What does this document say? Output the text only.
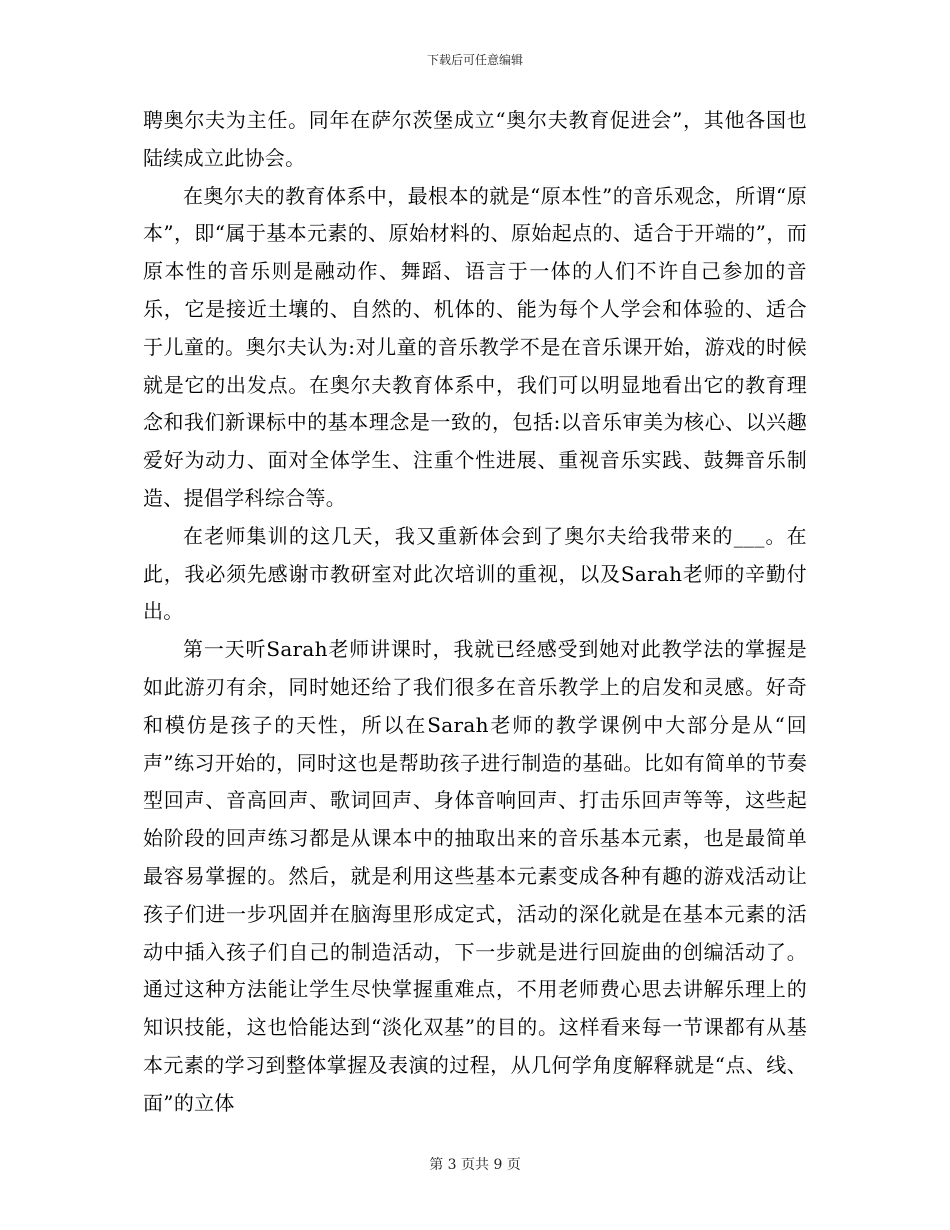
下载后可任意编辑

聘奥尔夫为主任。同年在萨尔茨堡成立“奥尔夫教育促进会”，其他各国也陆续成立此协会。

在奥尔夫的教育体系中，最根本的就是“原本性”的音乐观念，所谓“原本”，即“属于基本元素的、原始材料的、原始起点的、适合于开端的”，而原本性的音乐则是融动作、舞蹈、语言于一体的人们不许自己参加的音乐，它是接近土壤的、自然的、机体的、能为每个人学会和体验的、适合于儿童的。奥尔夫认为:对儿童的音乐教学不是在音乐课开始，游戏的时候就是它的出发点。在奥尔夫教育体系中，我们可以明显地看出它的教育理念和我们新课标中的基本理念是一致的，包括:以音乐审美为核心、以兴趣爱好为动力、面对全体学生、注重个性进展、重视音乐实践、鼓舞音乐制造、提倡学科综合等。

在老师集训的这几天，我又重新体会到了奥尔夫给我带来的___。在此，我必须先感谢市教研室对此次培训的重视，以及Sarah老师的辛勤付出。

第一天听Sarah老师讲课时，我就已经感受到她对此教学法的掌握是如此游刃有余，同时她还给了我们很多在音乐教学上的启发和灵感。好奇和模仿是孩子的天性，所以在Sarah老师的教学课例中大部分是从“回声”练习开始的，同时这也是帮助孩子进行制造的基础。比如有简单的节奏型回声、音高回声、歌词回声、身体音响回声、打击乐回声等等，这些起始阶段的回声练习都是从课本中的抽取出来的音乐基本元素，也是最简单最容易掌握的。然后，就是利用这些基本元素变成各种有趣的游戏活动让孩子们进一步巩固并在脑海里形成定式，活动的深化就是在基本元素的活动中插入孩子们自己的制造活动，下一步就是进行回旋曲的创编活动了。通过这种方法能让学生尽快掌握重难点，不用老师费心思去讲解乐理上的知识技能，这也恰能达到“淡化双基”的目的。这样看来每一节课都有从基本元素的学习到整体掌握及表演的过程，从几何学角度解释就是“点、线、面”的立体

第 3 页共 9 页
